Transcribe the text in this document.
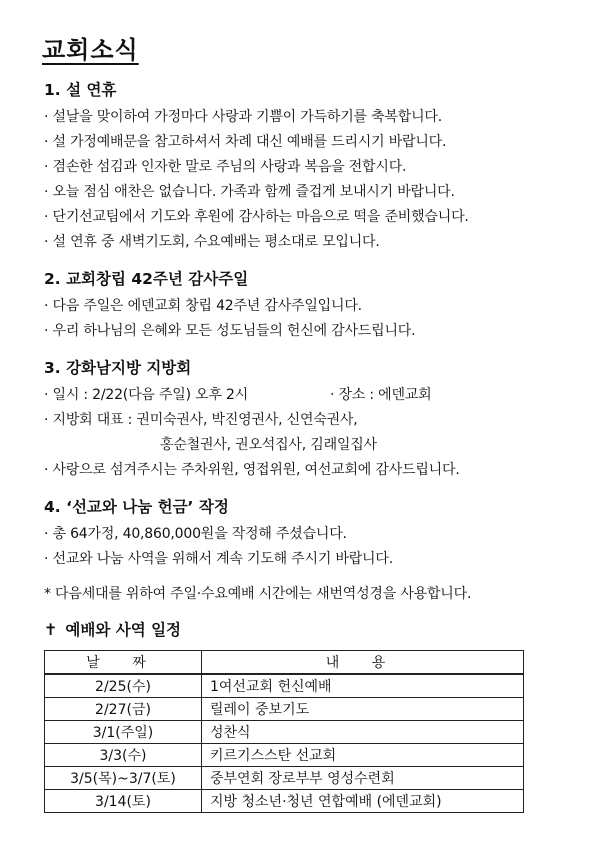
교회소식
1. 설 연휴
· 설날을 맞이하여 가정마다 사랑과 기쁨이 가득하기를 축복합니다.
· 설 가정예배문을 참고하셔서 차례 대신 예배를 드리시기 바랍니다.
· 겸손한 섬김과 인자한 말로 주님의 사랑과 복음을 전합시다.
· 오늘 점심 애찬은 없습니다. 가족과 함께 즐겁게 보내시기 바랍니다.
· 단기선교팀에서 기도와 후원에 감사하는 마음으로 떡을 준비했습니다.
· 설 연휴 중 새벽기도회, 수요예배는 평소대로 모입니다.
2. 교회창립 42주년 감사주일
· 다음 주일은 에덴교회 창립 42주년 감사주일입니다.
· 우리 하나님의 은혜와 모든 성도님들의 헌신에 감사드립니다.
3. 강화남지방 지방회
· 일시 : 2/22(다음 주일) 오후 2시	· 장소 : 에덴교회
· 지방회 대표 : 권미숙권사, 박진영권사, 신연숙권사,
홍순철권사, 권오석집사, 김래일집사
· 사랑으로 섬겨주시는 주차위원, 영접위원, 여선교회에 감사드립니다.
4. ‘선교와 나눔 헌금’ 작정
· 총 64가정, 40,860,000원을 작정해 주셨습니다.
· 선교와 나눔 사역을 위해서 계속 기도해 주시기 바랍니다.
* 다음세대를 위하여 주일·수요예배 시간에는 새번역성경을 사용합니다.
✝ 예배와 사역 일정
날 짜	내 용
2/25(수)	1여선교회 헌신예배
2/27(금)	릴레이 중보기도
3/1(주일)	성찬식
3/3(수)	키르기스스탄 선교회
3/5(목)~3/7(토)	중부연회 장로부부 영성수련회
3/14(토)	지방 청소년·청년 연합예배 (에덴교회)
